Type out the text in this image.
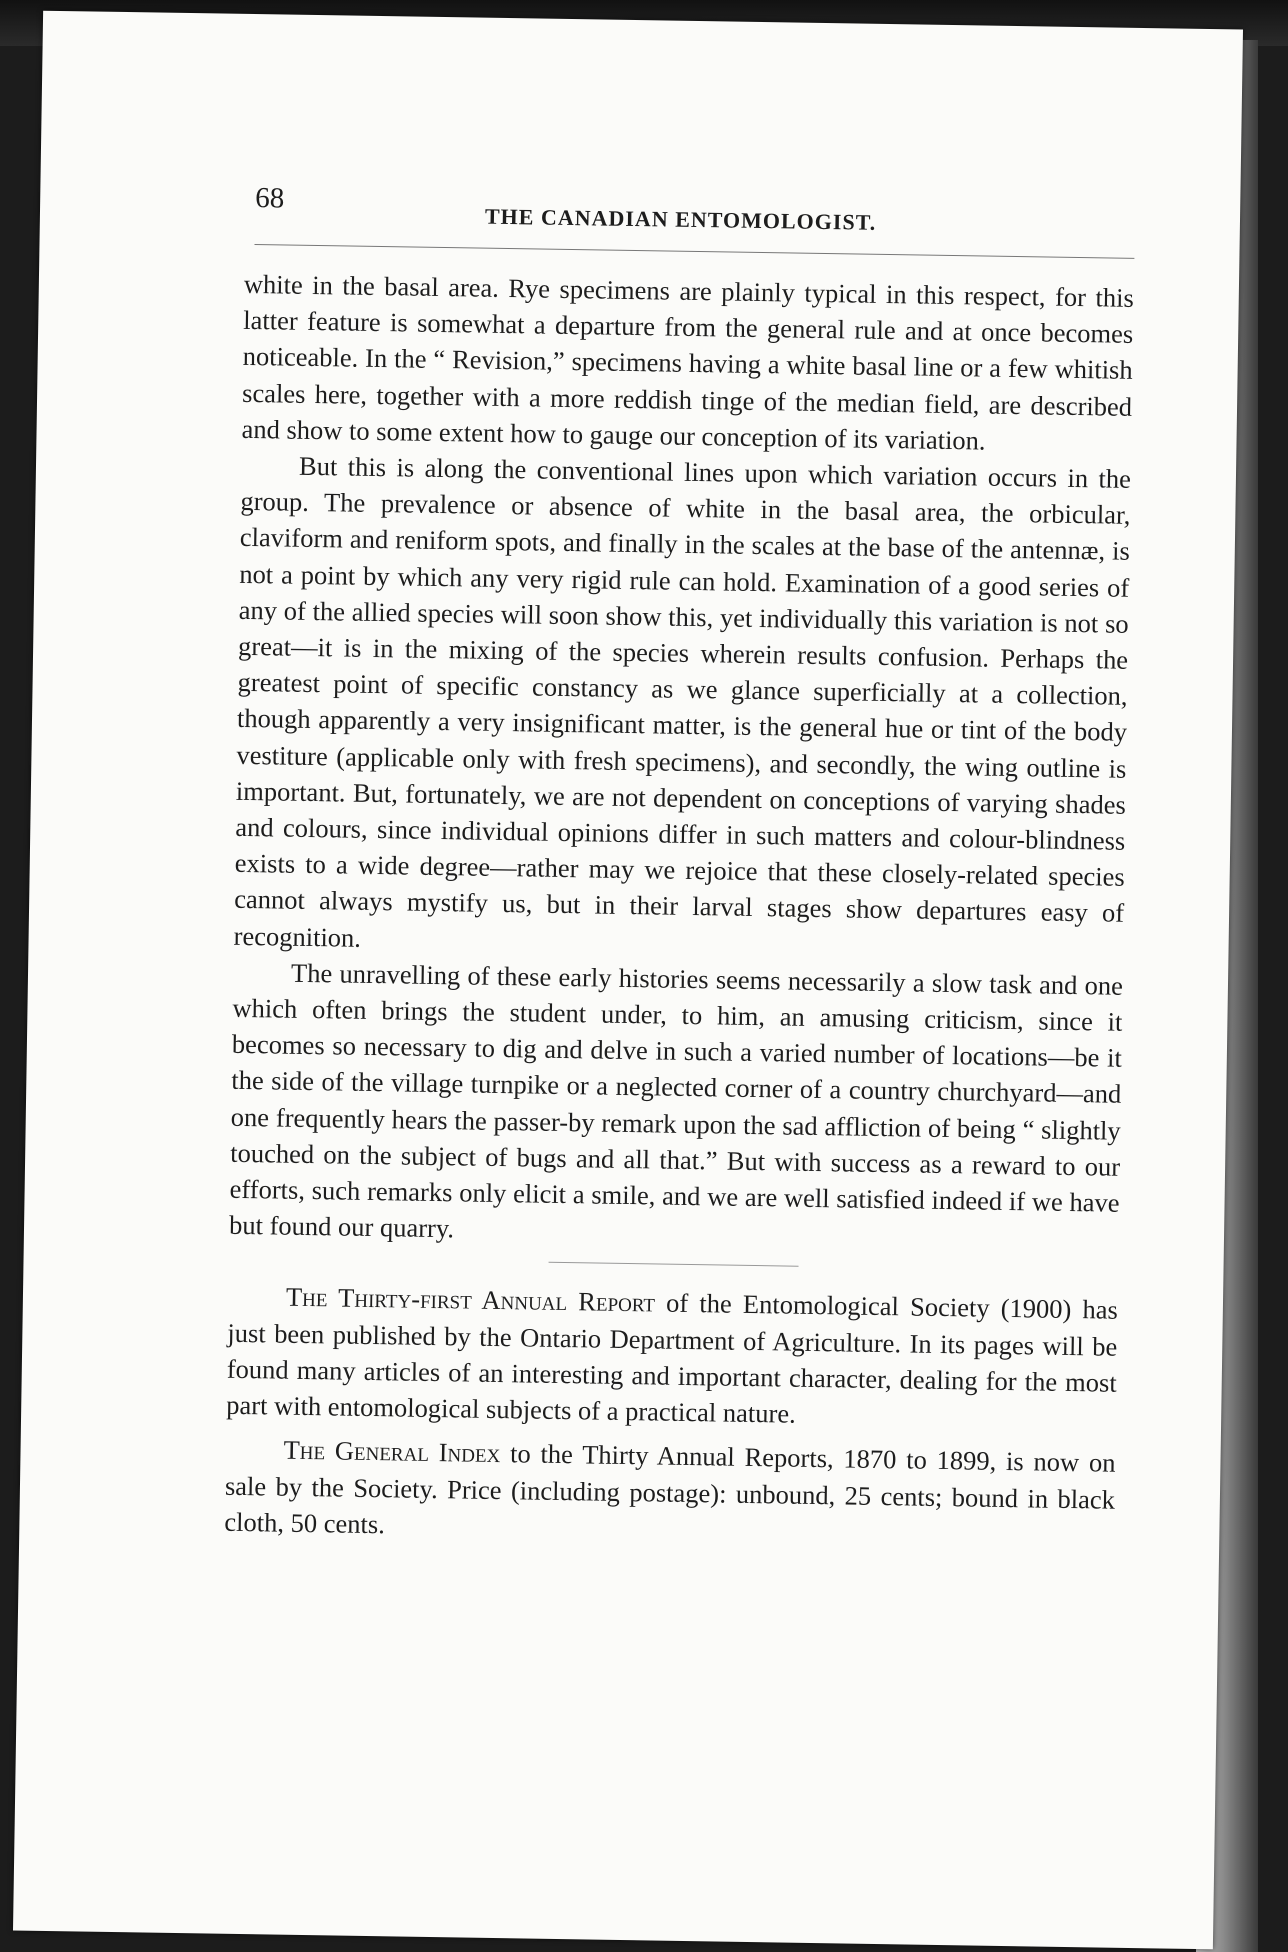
68
THE CANADIAN ENTOMOLOGIST.

white in the basal area. Rye specimens are plainly typical in this respect, for this latter feature is somewhat a departure from the general rule and at once becomes noticeable. In the “ Revision,” specimens having a white basal line or a few whitish scales here, together with a more reddish tinge of the median field, are described and show to some extent how to gauge our conception of its variation.

But this is along the conventional lines upon which variation occurs in the group. The prevalence or absence of white in the basal area, the orbicular, claviform and reniform spots, and finally in the scales at the base of the antennæ, is not a point by which any very rigid rule can hold. Examination of a good series of any of the allied species will soon show this, yet individually this variation is not so great—it is in the mixing of the species wherein results confusion. Perhaps the greatest point of specific constancy as we glance superficially at a collection, though apparently a very insignificant matter, is the general hue or tint of the body vestiture (applicable only with fresh specimens), and secondly, the wing outline is important. But, fortunately, we are not dependent on conceptions of varying shades and colours, since individual opinions differ in such matters and colour-blindness exists to a wide degree—rather may we rejoice that these closely-related species cannot always mystify us, but in their larval stages show departures easy of recognition.

The unravelling of these early histories seems necessarily a slow task and one which often brings the student under, to him, an amusing criticism, since it becomes so necessary to dig and delve in such a varied number of locations—be it the side of the village turnpike or a neglected corner of a country churchyard—and one frequently hears the passer-by remark upon the sad affliction of being “ slightly touched on the subject of bugs and all that.” But with success as a reward to our efforts, such remarks only elicit a smile, and we are well satisfied indeed if we have but found our quarry.

The Thirty-first Annual Report of the Entomological Society (1900) has just been published by the Ontario Department of Agriculture. In its pages will be found many articles of an interesting and important character, dealing for the most part with entomological subjects of a practical nature.

The General Index to the Thirty Annual Reports, 1870 to 1899, is now on sale by the Society. Price (including postage): unbound, 25 cents; bound in black cloth, 50 cents.
